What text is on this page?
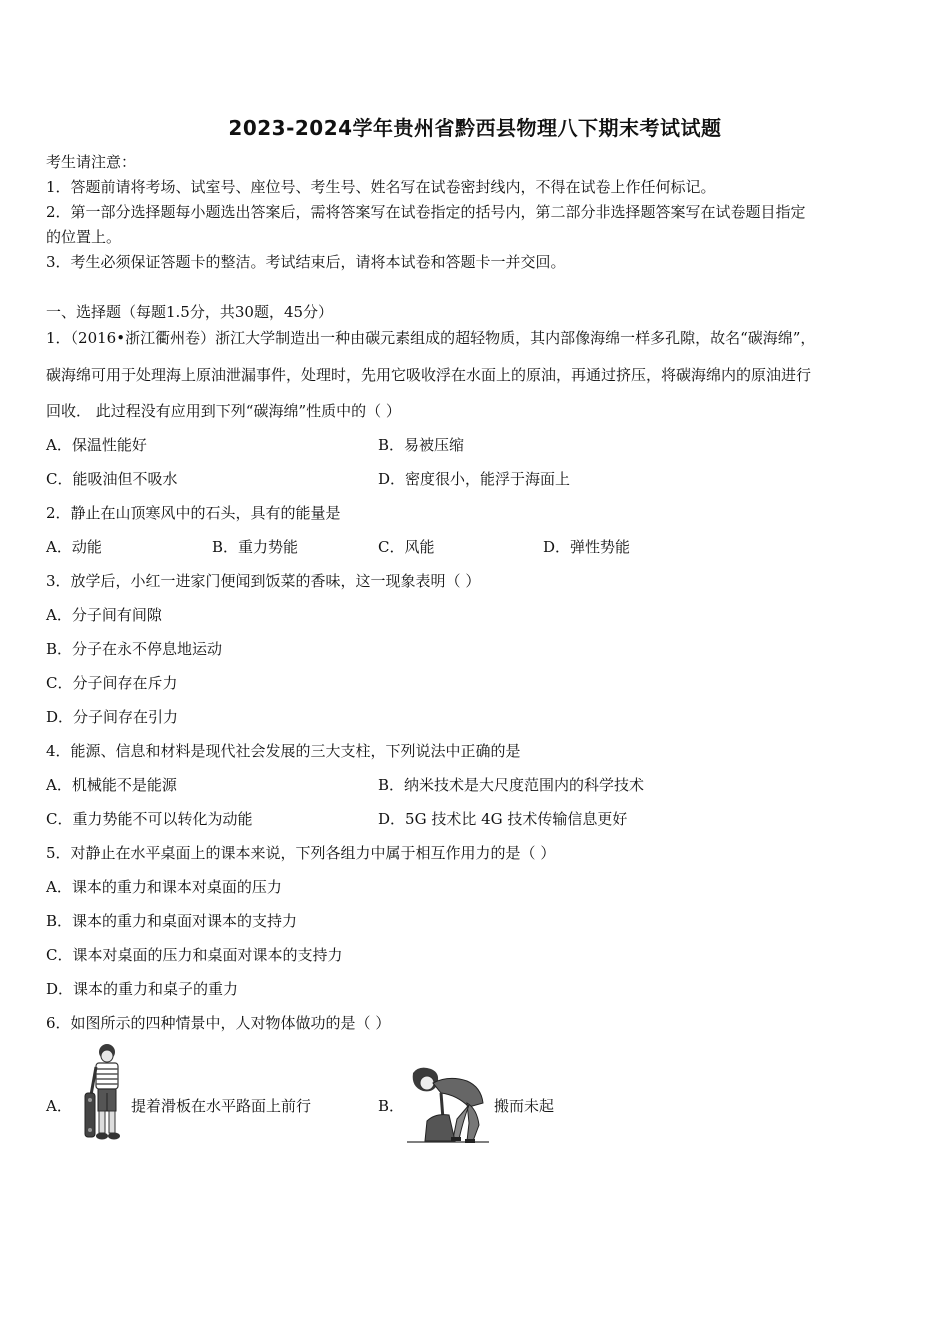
2023-2024学年贵州省黔西县物理八下期末考试试题
考生请注意：
1．答题前请将考场、试室号、座位号、考生号、姓名写在试卷密封线内，不得在试卷上作任何标记。
2．第一部分选择题每小题选出答案后，需将答案写在试卷指定的括号内，第二部分非选择题答案写在试卷题目指定
的位置上。
3．考生必须保证答题卡的整洁。考试结束后，请将本试卷和答题卡一并交回。
一、选择题（每题1.5分，共30题，45分）
1．（2016•浙江衢州卷）浙江大学制造出一种由碳元素组成的超轻物质，其内部像海绵一样多孔隙，故名“碳海绵”，
碳海绵可用于处理海上原油泄漏事件，处理时，先用它吸收浮在水面上的原油，再通过挤压，将碳海绵内的原油进行
回收． 此过程没有应用到下列“碳海绵”性质中的（ ）
A．保温性能好	B．易被压缩
C．能吸油但不吸水	D．密度很小，能浮于海面上
2．静止在山顶寒风中的石头，具有的能量是
A．动能	B．重力势能	C．风能	D．弹性势能
3．放学后，小红一进家门便闻到饭菜的香味，这一现象表明（ ）
A．分子间有间隙
B．分子在永不停息地运动
C．分子间存在斥力
D．分子间存在引力
4．能源、信息和材料是现代社会发展的三大支柱，下列说法中正确的是
A．机械能不是能源	B．纳米技术是大尺度范围内的科学技术
C．重力势能不可以转化为动能	D．5G 技术比 4G 技术传输信息更好
5．对静止在水平桌面上的课本来说，下列各组力中属于相互作用力的是（ ）
A．课本的重力和课本对桌面的压力
B．课本的重力和桌面对课本的支持力
C．课本对桌面的压力和桌面对课本的支持力
D．课本的重力和桌子的重力
6．如图所示的四种情景中，人对物体做功的是（ ）
A．	提着滑板在水平路面上前行	B．	搬而未起
